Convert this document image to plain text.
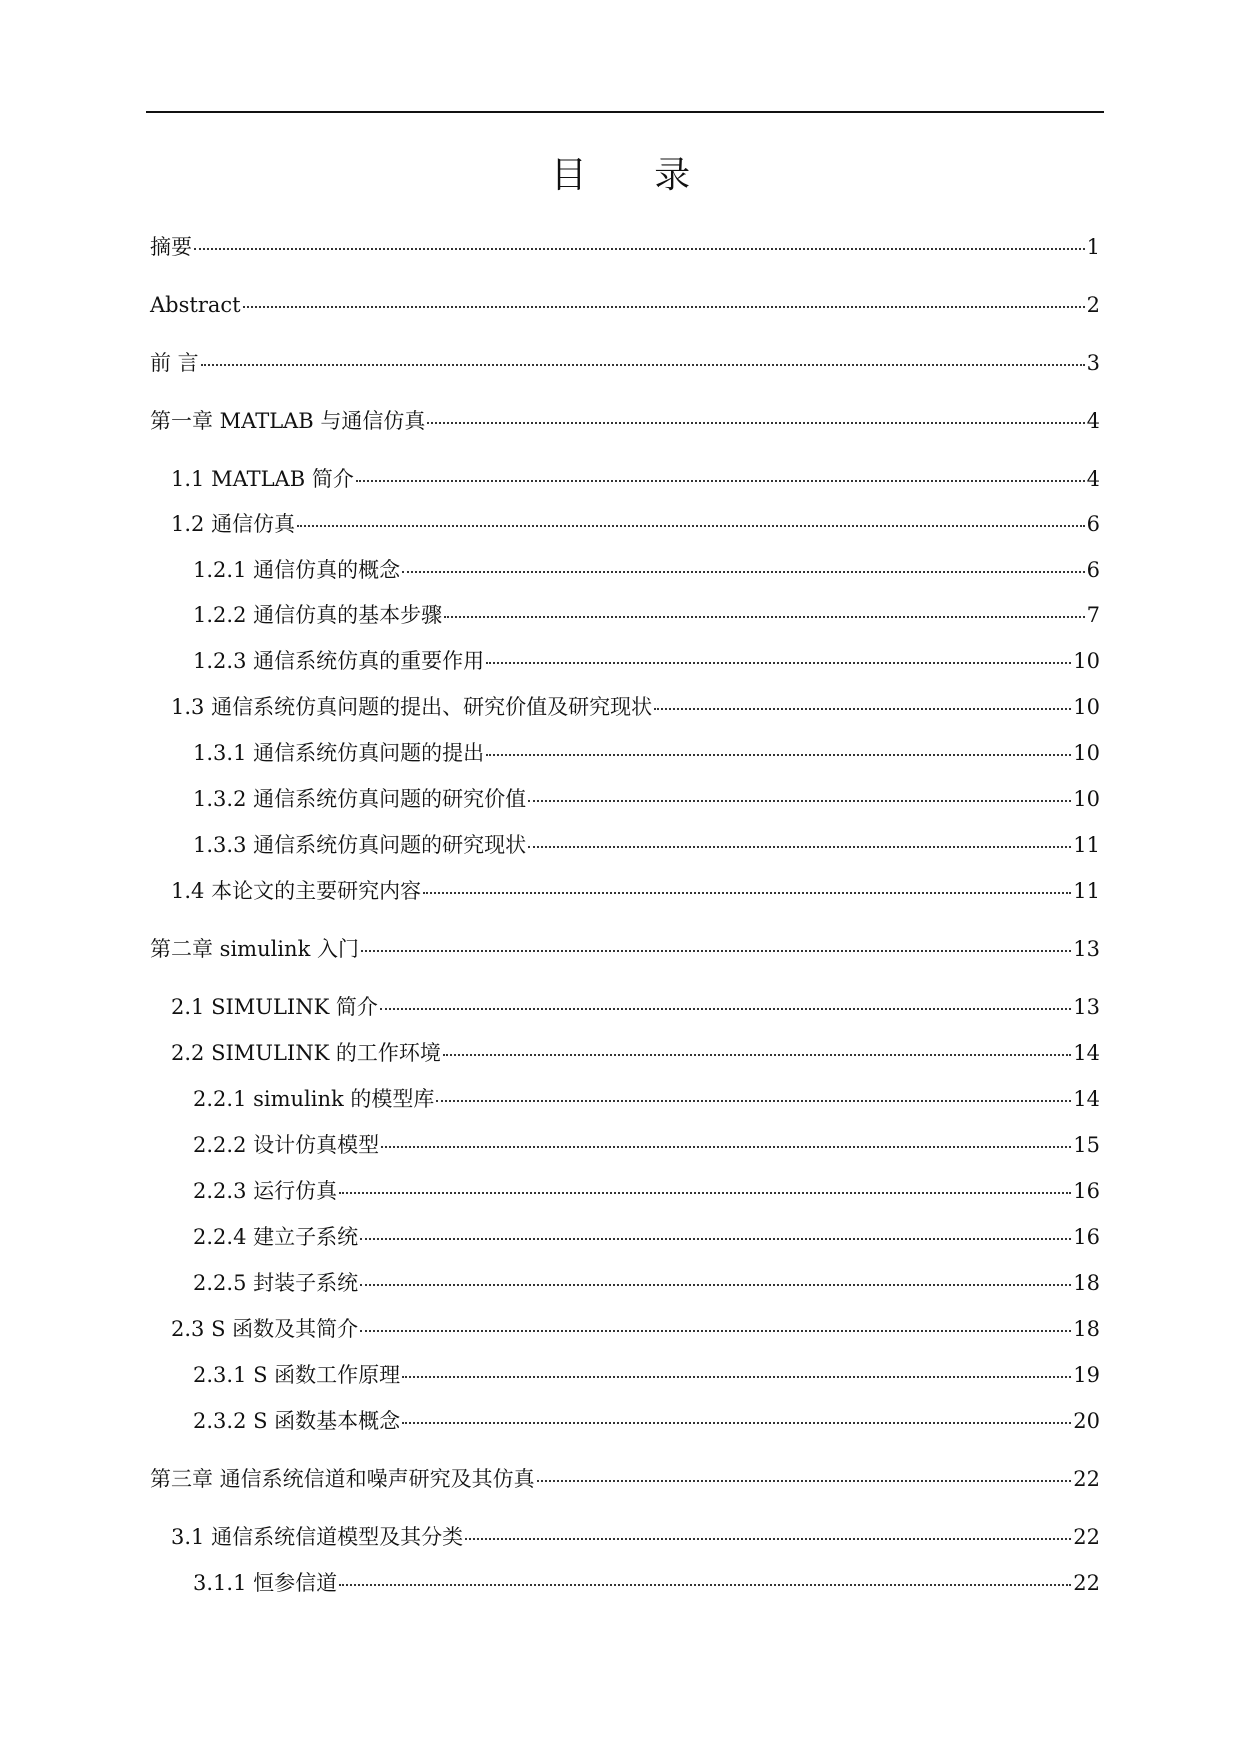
目 录
摘要	1
Abstract	2
前 言	3
第一章 MATLAB 与通信仿真	4
1.1 MATLAB 简介	4
1.2 通信仿真	6
1.2.1 通信仿真的概念	6
1.2.2 通信仿真的基本步骤	7
1.2.3 通信系统仿真的重要作用	10
1.3 通信系统仿真问题的提出、研究价值及研究现状	10
1.3.1 通信系统仿真问题的提出	10
1.3.2 通信系统仿真问题的研究价值	10
1.3.3 通信系统仿真问题的研究现状	11
1.4 本论文的主要研究内容	11
第二章 simulink 入门	13
2.1 SIMULINK 简介	13
2.2 SIMULINK 的工作环境	14
2.2.1 simulink 的模型库	14
2.2.2 设计仿真模型	15
2.2.3 运行仿真	16
2.2.4 建立子系统	16
2.2.5 封装子系统	18
2.3 S 函数及其简介	18
2.3.1 S 函数工作原理	19
2.3.2 S 函数基本概念	20
第三章 通信系统信道和噪声研究及其仿真	22
3.1 通信系统信道模型及其分类	22
3.1.1 恒参信道	22
